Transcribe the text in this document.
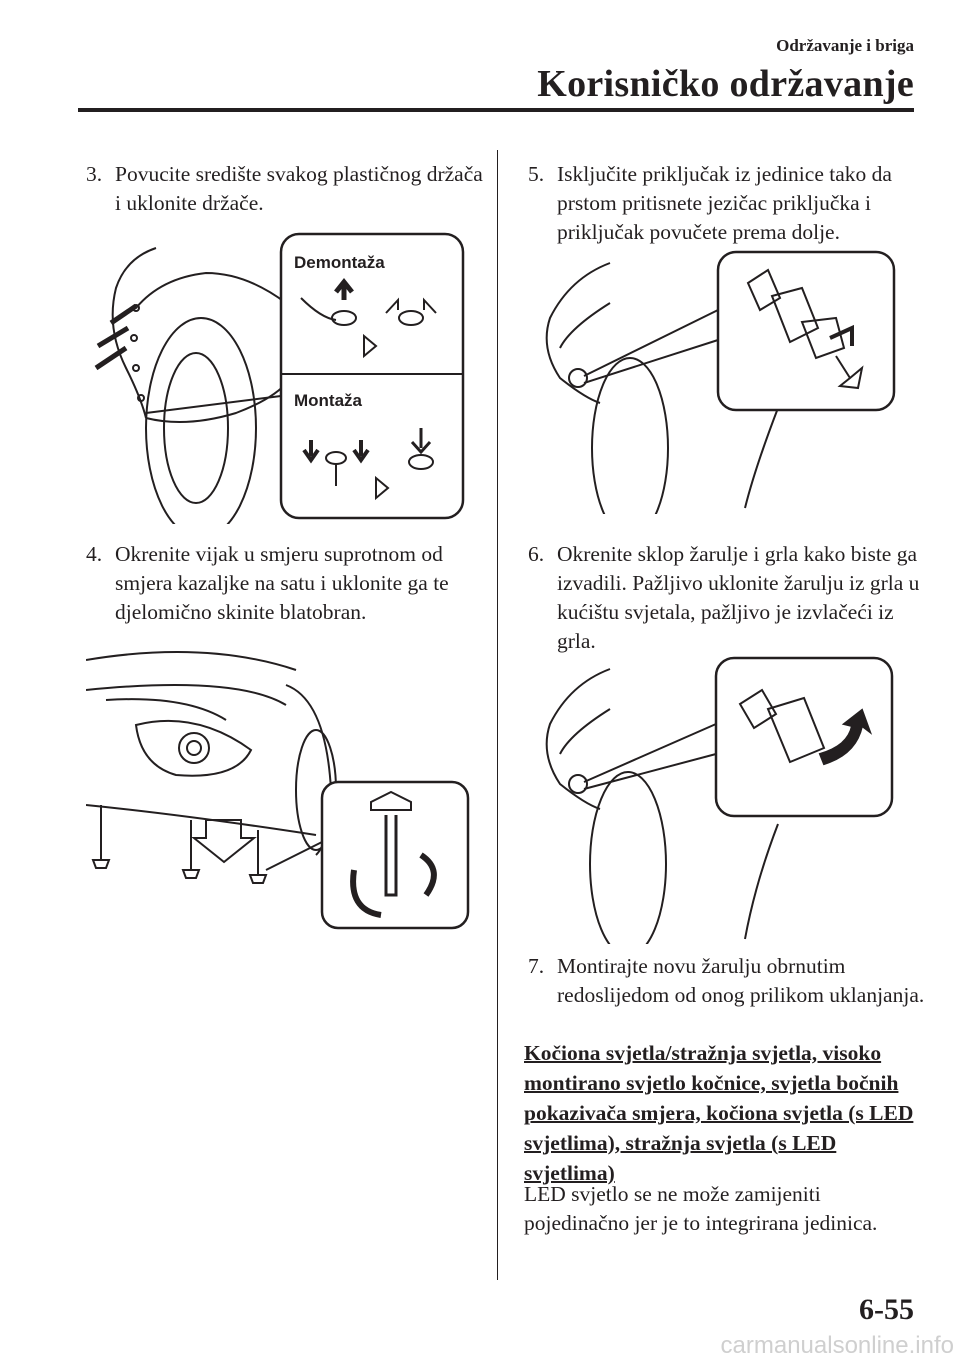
Održavanje i briga
Korisničko održavanje
3. Povucite središte svakog plastičnog držača i uklonite držače.
Demontaža
Montaža
4. Okrenite vijak u smjeru suprotnom od smjera kazaljke na satu i uklonite ga te djelomično skinite blatobran.
5. Isključite priključak iz jedinice tako da prstom pritisnete jezičac priključka i priključak povučete prema dolje.
6. Okrenite sklop žarulje i grla kako biste ga izvadili. Pažljivo uklonite žarulju iz grla u kućištu svjetala, pažljivo je izvlačeći iz grla.
7. Montirajte novu žarulju obrnutim redoslijedom od onog prilikom uklanjanja.
Kočiona svjetla/stražnja svjetla, visoko montirano svjetlo kočnice, svjetla bočnih pokazivača smjera, kočiona svjetla (s LED svjetlima), stražnja svjetla (s LED svjetlima)
LED svjetlo se ne može zamijeniti pojedinačno jer je to integrirana jedinica.
6-55
carmanualsonline.info
